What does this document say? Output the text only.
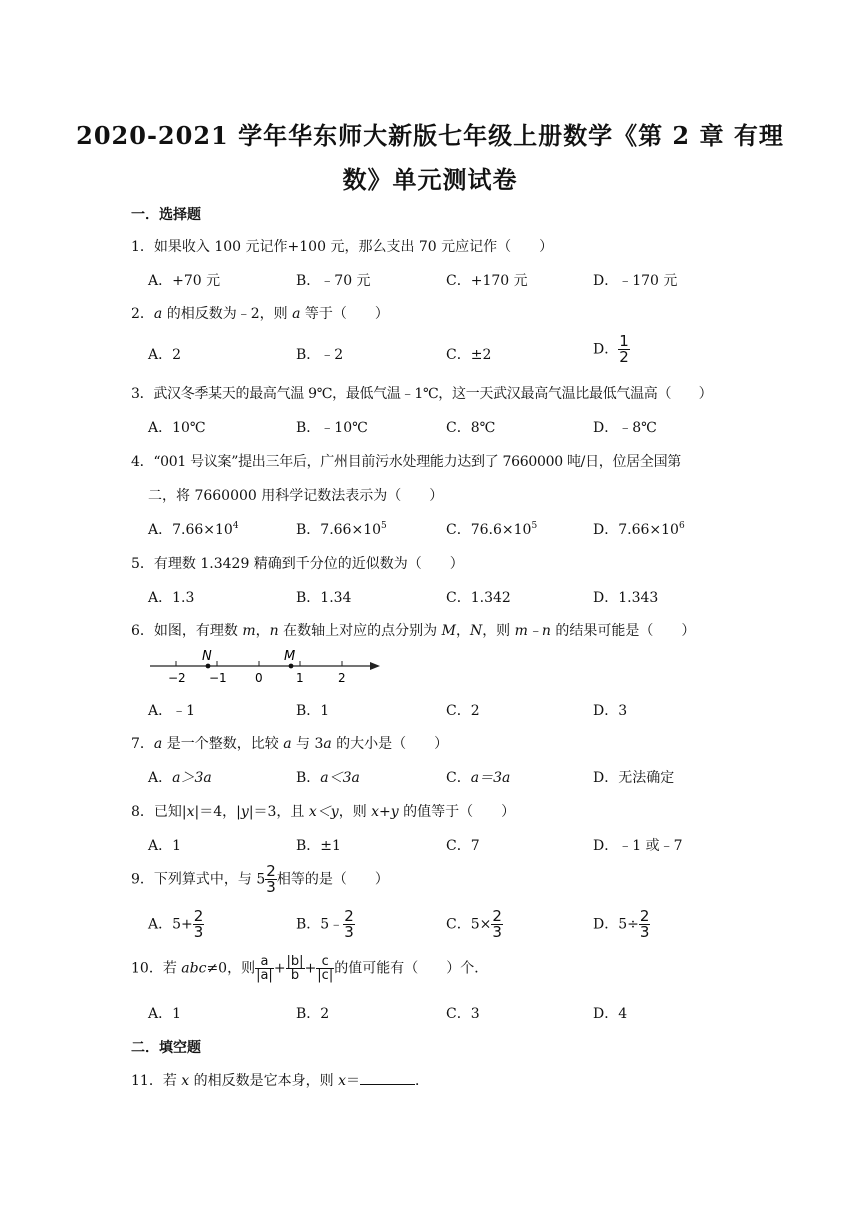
2020-2021 学年华东师大新版七年级上册数学《第 2 章 有理
数》单元测试卷
一．选择题
1．如果收入 100 元记作+100 元，那么支出 70 元应记作（　　）
A．+70 元	B．﹣70 元	C．+170 元	D．﹣170 元
2．a 的相反数为﹣2，则 a 等于（　　）
A．2	B．﹣2	C．±2	D． $\frac{1}{2}$
3．武汉冬季某天的最高气温 9℃，最低气温﹣1℃，这一天武汉最高气温比最低气温高（　　）
A．10℃	B．﹣10℃	C．8℃	D．﹣8℃
4．“001 号议案”提出三年后，广州目前污水处理能力达到了 7660000 吨/日，位居全国第
二，将 7660000 用科学记数法表示为（　　）
A．$7.66\times 10^4$	B．$7.66\times 10^5$	C．$76.6\times 10^5$	D．$7.66\times 10^6$
5．有理数 1.3429 精确到千分位的近似数为（　　）
A．1.3	B．1.34	C．1.342	D．1.343
6．如图，有理数 m，n 在数轴上对应的点分别为 M，N，则 m﹣n 的结果可能是（　　）
N	M
−2 −1 0	1	2
A．﹣1	B．1	C．2	D．3
7．a 是一个整数，比较 a 与 3a 的大小是（　　）
A．a＞3a	B．a＜3a	C．a＝3a	D．无法确定
8．已知|x|＝4，|y|＝3，且 x＜y，则 x+y 的值等于（　　）
A．1	B．±1	C．7	D．﹣1 或﹣7
9．下列算式中，与 $5 \frac{2}{3}$ 相等的是（　　）
A．$5+ \frac{2}{3}$	B．5﹣ $\frac{2}{3}$	C．$5\times \frac{2}{3}$	D．$5\div \frac{2}{3}$
10．若 abc≠0，则 $\frac{a}{|a|} + \frac{|b|}{b} + \frac{c}{|c|}$ 的值可能有（　　）个．
A．1	B．2	C．3	D．4
二．填空题
11．若 x 的相反数是它本身，则 x＝	．
